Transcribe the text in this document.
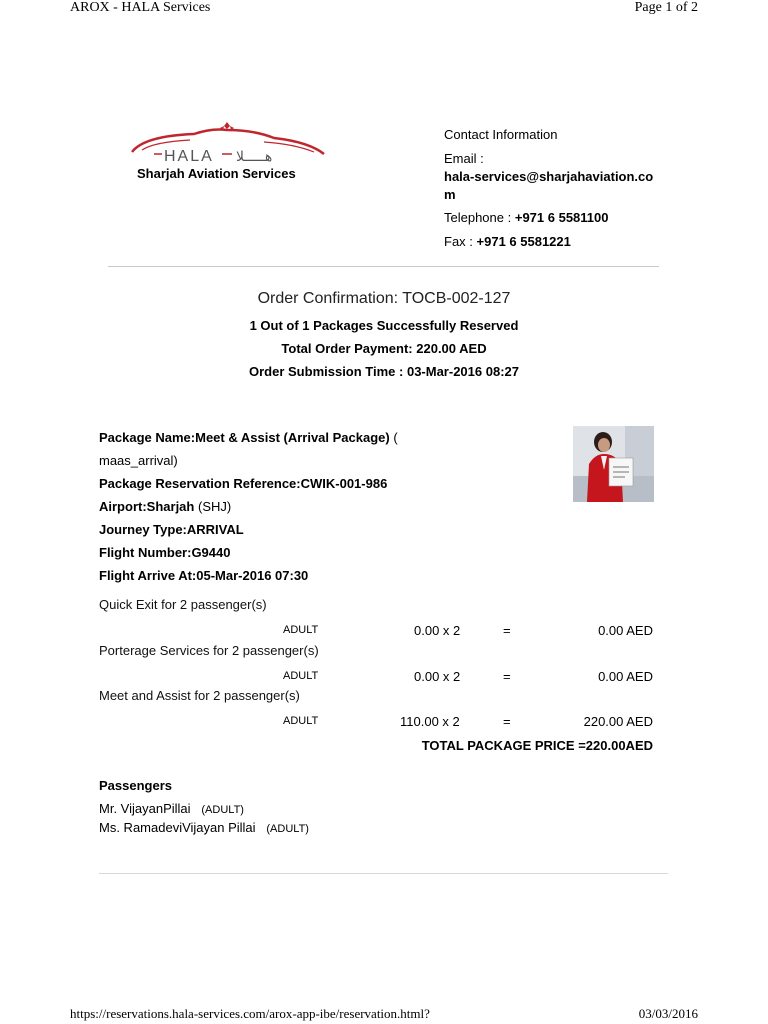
AROX - HALA Services	Page 1 of 2
HALA هـــــلا
Sharjah Aviation Services
Contact Information
Email :
hala-services@sharjahaviation.com
Telephone : +971 6 5581100
Fax : +971 6 5581221
Order Confirmation: TOCB-002-127
1 Out of 1 Packages Successfully Reserved
Total Order Payment: 220.00 AED
Order Submission Time : 03-Mar-2016 08:27
Package Name:Meet & Assist (Arrival Package) (
maas_arrival)
Package Reservation Reference:CWIK-001-986
Airport:Sharjah (SHJ)
Journey Type:ARRIVAL
Flight Number:G9440
Flight Arrive At:05-Mar-2016 07:30
Quick Exit for 2 passenger(s)
ADULT	0.00 x 2	=	0.00 AED
Porterage Services for 2 passenger(s)
ADULT	0.00 x 2	=	0.00 AED
Meet and Assist for 2 passenger(s)
ADULT	110.00 x 2	=	220.00 AED
TOTAL PACKAGE PRICE =220.00AED
Passengers
Mr. VijayanPillai (ADULT)
Ms. RamadeviVijayan Pillai (ADULT)
https://reservations.hala-services.com/arox-app-ibe/reservation.html?	03/03/2016
